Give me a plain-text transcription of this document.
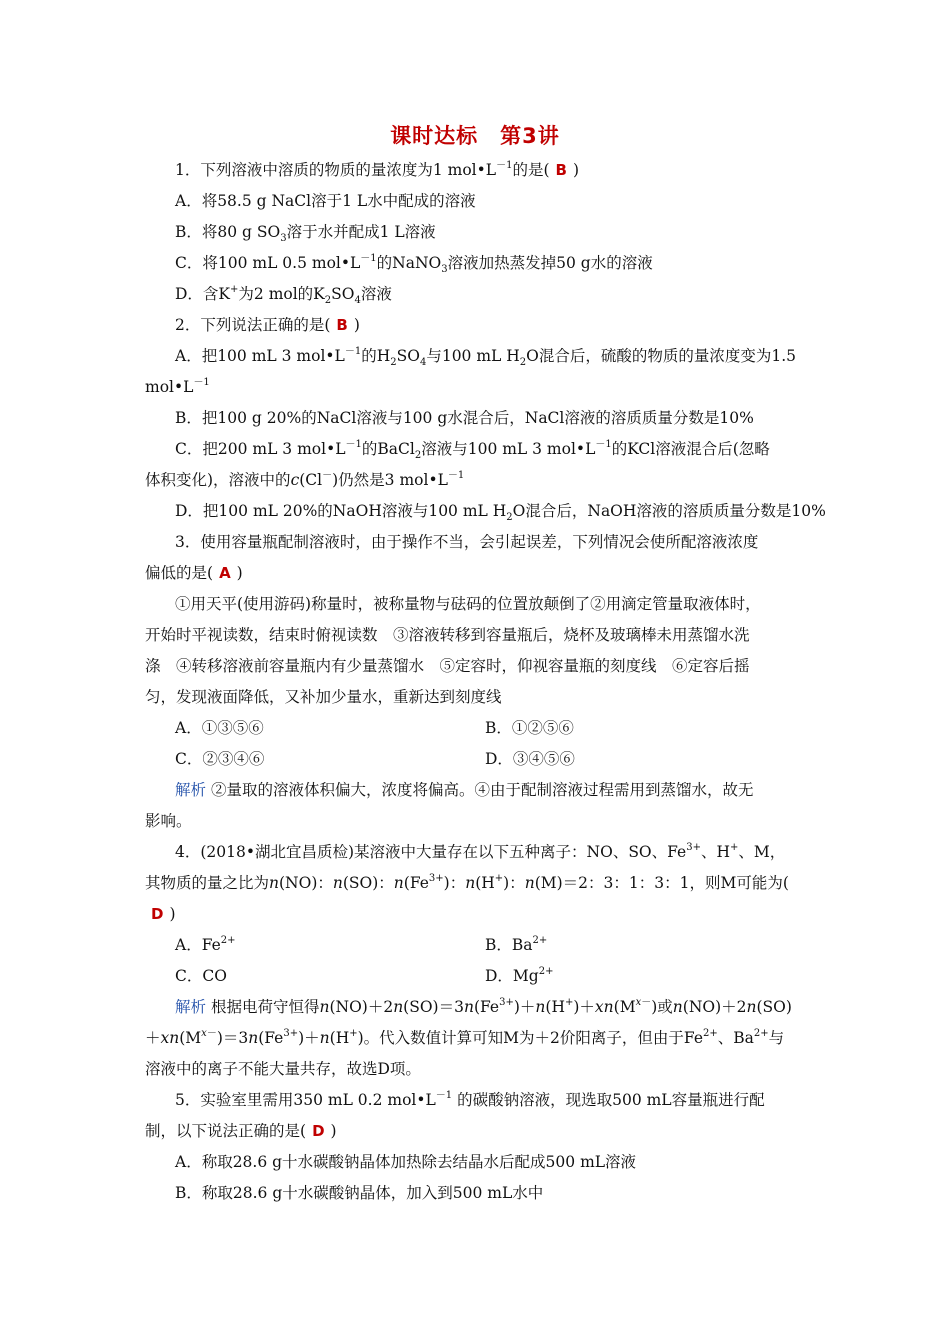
课时达标　第3讲
1．下列溶液中溶质的物质的量浓度为1 $mol•L^{-1}$的是( B )
A．将58.5 g NaCl溶于1 L水中配成的溶液
B．将80 g $SO_3$溶于水并配成1 L溶液
C．将100 mL 0.5 $mol•L^{-1}$的NaNO$_3$溶液加热蒸发掉50 g水的溶液
D．含K+为2 mol的$K_2SO_4$溶液
2．下列说法正确的是( B )
A．把100 mL 3 $mol•L^{-1}$的$H_2SO_4$与100 mL $H_2O$混合后，硫酸的物质的量浓度变为1.5
$mol•L^{-1}$
B．把100 g 20%的NaCl溶液与100 g水混合后，NaCl溶液的溶质质量分数是10%
C．把200 mL 3 $mol•L^{-1}$的BaCl$_2$溶液与100 mL 3 $mol•L^{-1}$的KCl溶液混合后(忽略
体积变化)，溶液中的c(Cl－)仍然是3 $mol•L^{-1}$
D．把100 mL 20%的NaOH溶液与100 mL $H_2O$混合后，NaOH溶液的溶质质量分数是10%
3．使用容量瓶配制溶液时，由于操作不当，会引起误差，下列情况会使所配溶液浓度
偏低的是( A )
①用天平(使用游码)称量时，被称量物与砝码的位置放颠倒了②用滴定管量取液体时，
开始时平视读数，结束时俯视读数　③溶液转移到容量瓶后，烧杯及玻璃棒未用蒸馏水洗
涤　④转移溶液前容量瓶内有少量蒸馏水　⑤定容时，仰视容量瓶的刻度线　⑥定容后摇
匀，发现液面降低，又补加少量水，重新达到刻度线
A．①③⑤⑥	B．①②⑤⑥
C．②③④⑥	D．③④⑤⑥
解析 ②量取的溶液体积偏大，浓度将偏高。④由于配制溶液过程需用到蒸馏水，故无
影响。
4．(2018•湖北宜昌质检)某溶液中大量存在以下五种离子：NO、SO、$Fe^{3+}$、H+、M，
其物质的量之比为n(NO)：n(SO)：$n(Fe^{3+})$：n(H+)：n(M)＝2：3：1：3：1，则M可能为(
D )
A．$Fe^{2+}$	B．$Ba^{2+}$
C．CO	D．$Mg^{2+}$
解析 根据电荷守恒得$n(NO)+2n(SO)=3n(Fe^{3+})+n(H^+)+xn(M^{x-})$或n(NO)＋2n(SO)
$+xn(M^{x-})=3n(Fe^{3+})+n(H^+)$。代入数值计算可知M为＋2价阳离子，但由于$Fe^{2+}$、$Ba^{2+}$与
溶液中的离子不能大量共存，故选D项。
5．实验室里需用350 mL 0.2 $mol•L^{-1}$ 的碳酸钠溶液，现选取500 mL容量瓶进行配
制，以下说法正确的是( D )
A．称取28.6 g十水碳酸钠晶体加热除去结晶水后配成500 mL溶液
B．称取28.6 g十水碳酸钠晶体，加入到500 mL水中
